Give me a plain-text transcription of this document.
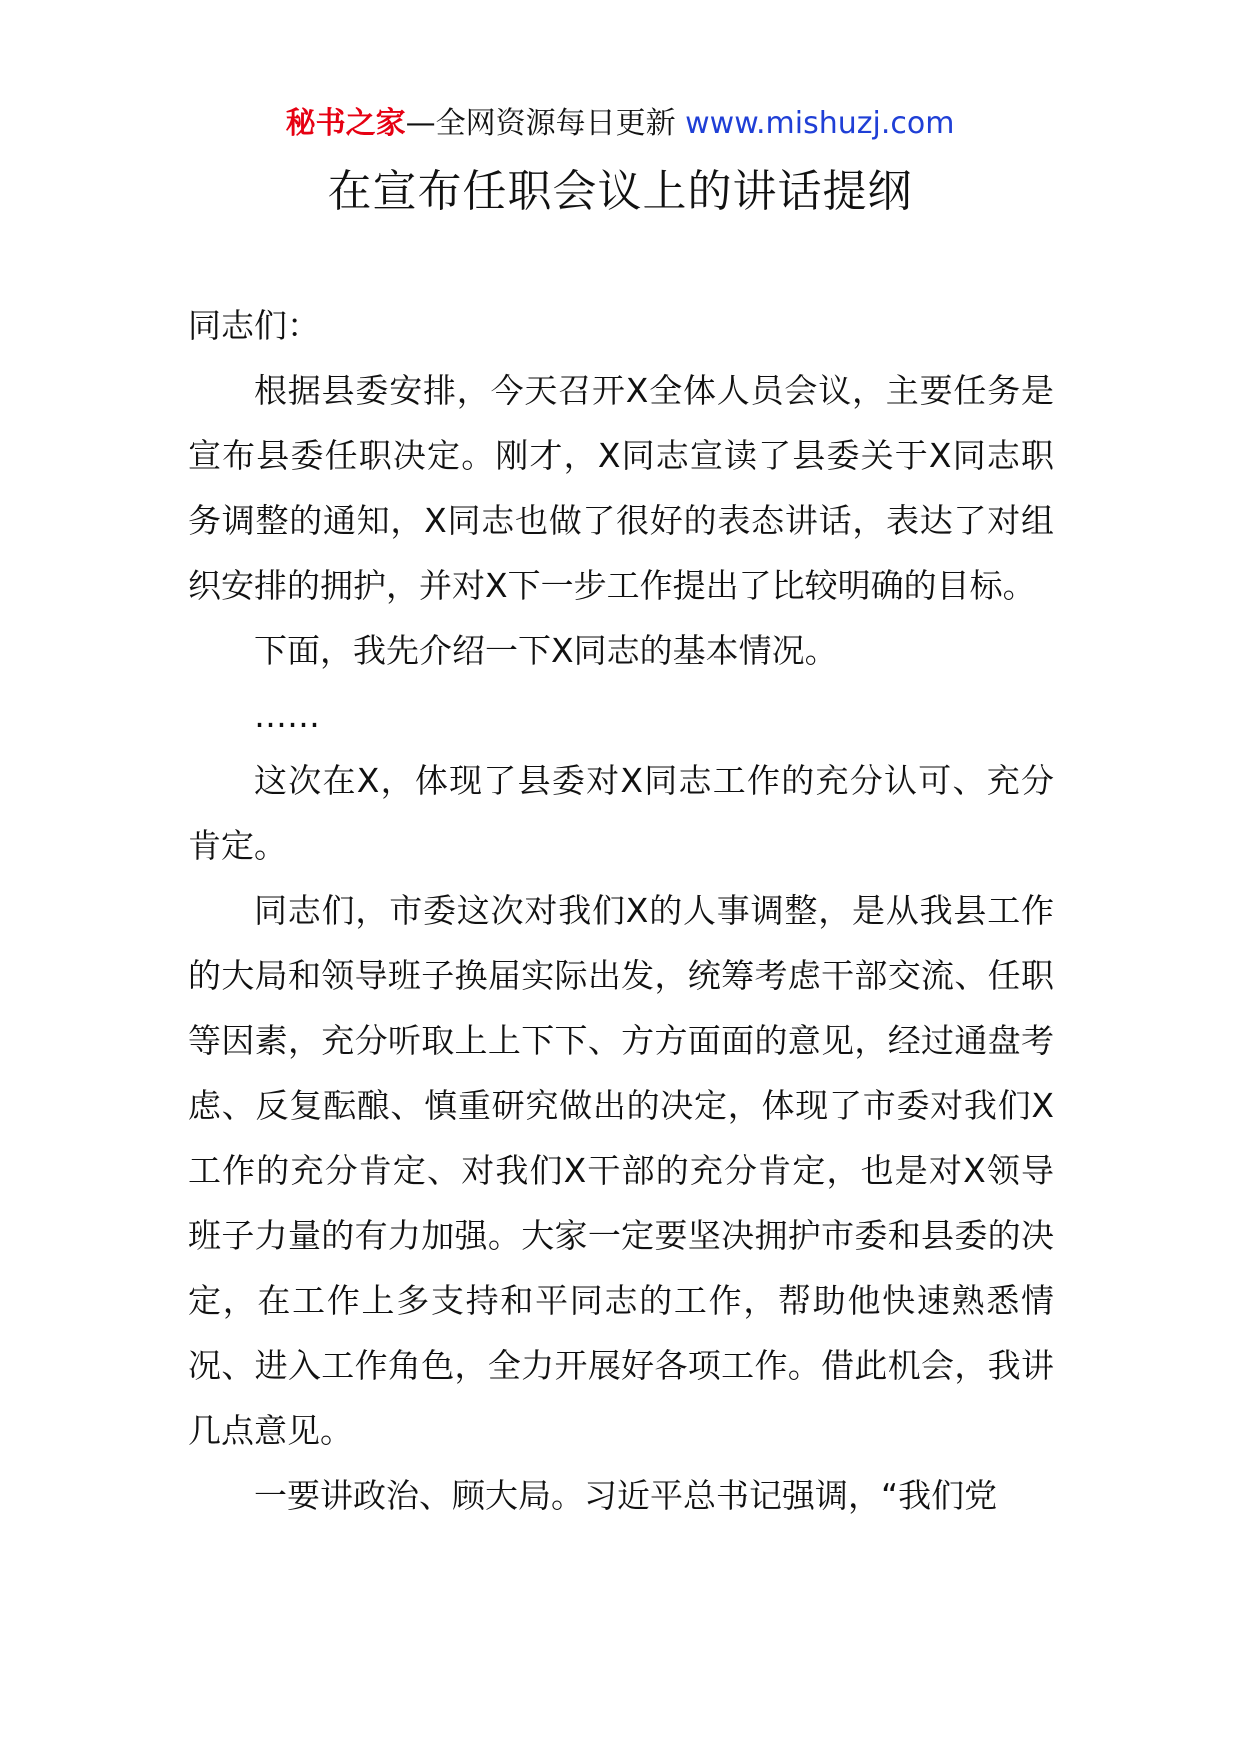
秘书之家—全网资源每日更新 www.mishuzj.com
在宣布任职会议上的讲话提纲

同志们：

根据县委安排，今天召开X全体人员会议，主要任务是宣布县委任职决定。刚才，X同志宣读了县委关于X同志职务调整的通知，X同志也做了很好的表态讲话，表达了对组织安排的拥护，并对X下一步工作提出了比较明确的目标。

下面，我先介绍一下X同志的基本情况。

……

这次在X，体现了县委对X同志工作的充分认可、充分肯定。

同志们，市委这次对我们X的人事调整，是从我县工作的大局和领导班子换届实际出发，统筹考虑干部交流、任职等因素，充分听取上上下下、方方面面的意见，经过通盘考虑、反复酝酿、慎重研究做出的决定，体现了市委对我们X工作的充分肯定、对我们X干部的充分肯定，也是对X领导班子力量的有力加强。大家一定要坚决拥护市委和县委的决定，在工作上多支持和平同志的工作，帮助他快速熟悉情况、进入工作角色，全力开展好各项工作。借此机会，我讲几点意见。

一要讲政治、顾大局。习近平总书记强调，“我们党
